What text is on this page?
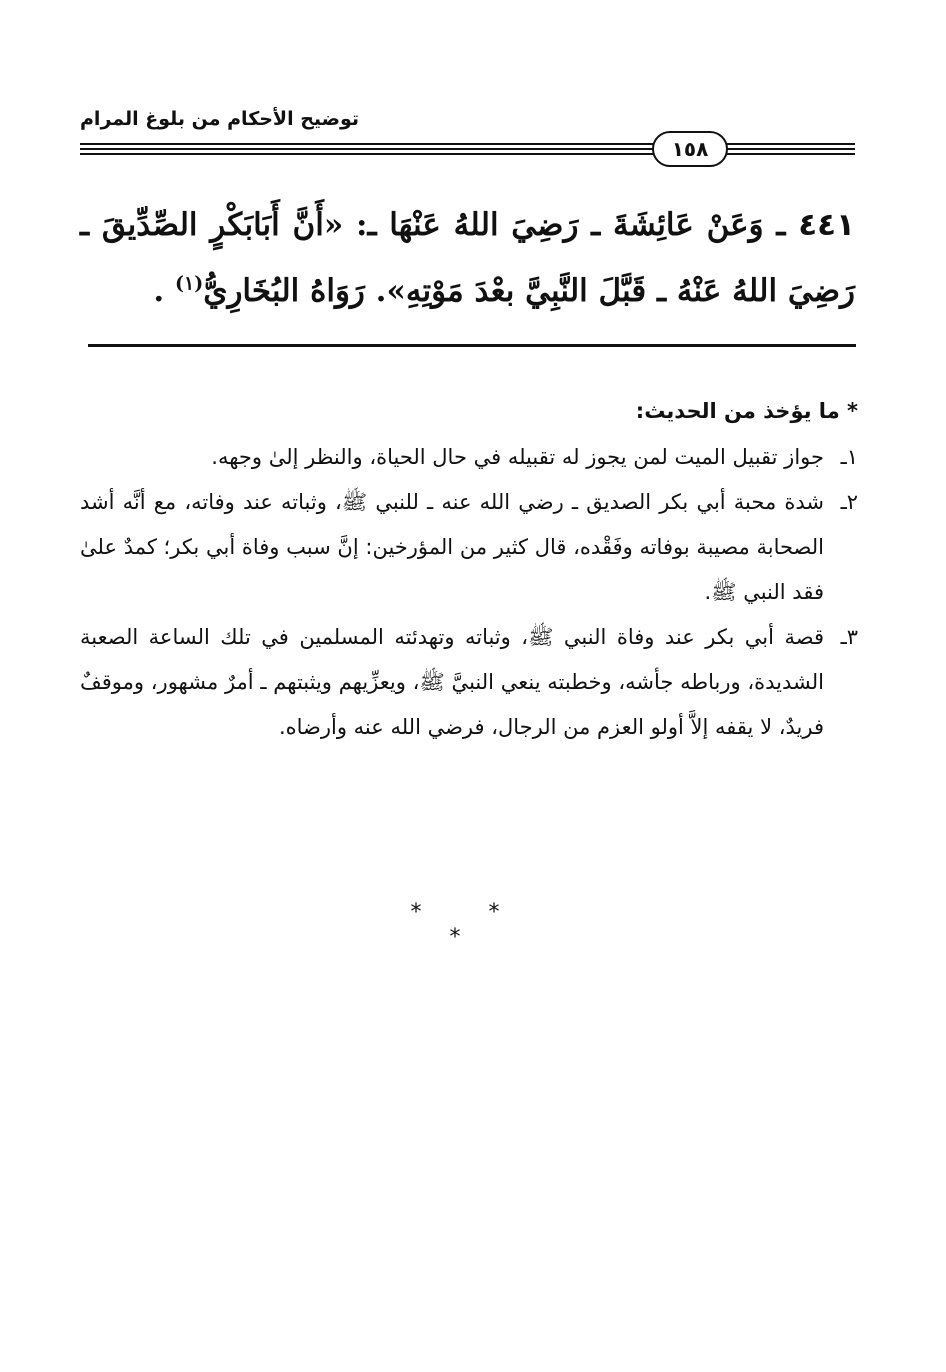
توضيح الأحكام من بلوغ المرام
١٥٨
٤٤١ ـ وَعَنْ عَائِشَةَ ـ رَضِيَ اللهُ عَنْهَا ـ: «أَنَّ أَبَابَكْرٍ الصِّدِّيقَ ـ رَضِيَ اللهُ عَنْهُ ـ قَبَّلَ النَّبِيَّ بعْدَ مَوْتِهِ». رَوَاهُ البُخَارِيُّ$^{(١)}$ .

* ما يؤخذ من الحديث:

١ـ
جواز تقبيل الميت لمن يجوز له تقبيله في حال الحياة، والنظر إلىٰ وجهه.

٢ـ
شدة محبة أبي بكر الصديق ـ رضي الله عنه ـ للنبي ﷺ، وثباته عند وفاته، مع أنَّه أشد الصحابة مصيبة بوفاته وفَقْده، قال كثير من المؤرخين: إنَّ سبب وفاة أبي بكر؛ كمدٌ علىٰ فقد النبي ﷺ.

٣ـ
قصة أبي بكر عند وفاة النبي ﷺ، وثباته وتهدئته المسلمين في تلك الساعة الصعبة الشديدة، ورباطه جأشه، وخطبته ينعي النبيَّ ﷺ، ويعزِّيهم ويثبتهم ـ أمرٌ مشهور، وموقفٌ فريدٌ، لا يقفه إلاَّ أولو العزم من الرجال، فرضي الله عنه وأرضاه.

* * *
